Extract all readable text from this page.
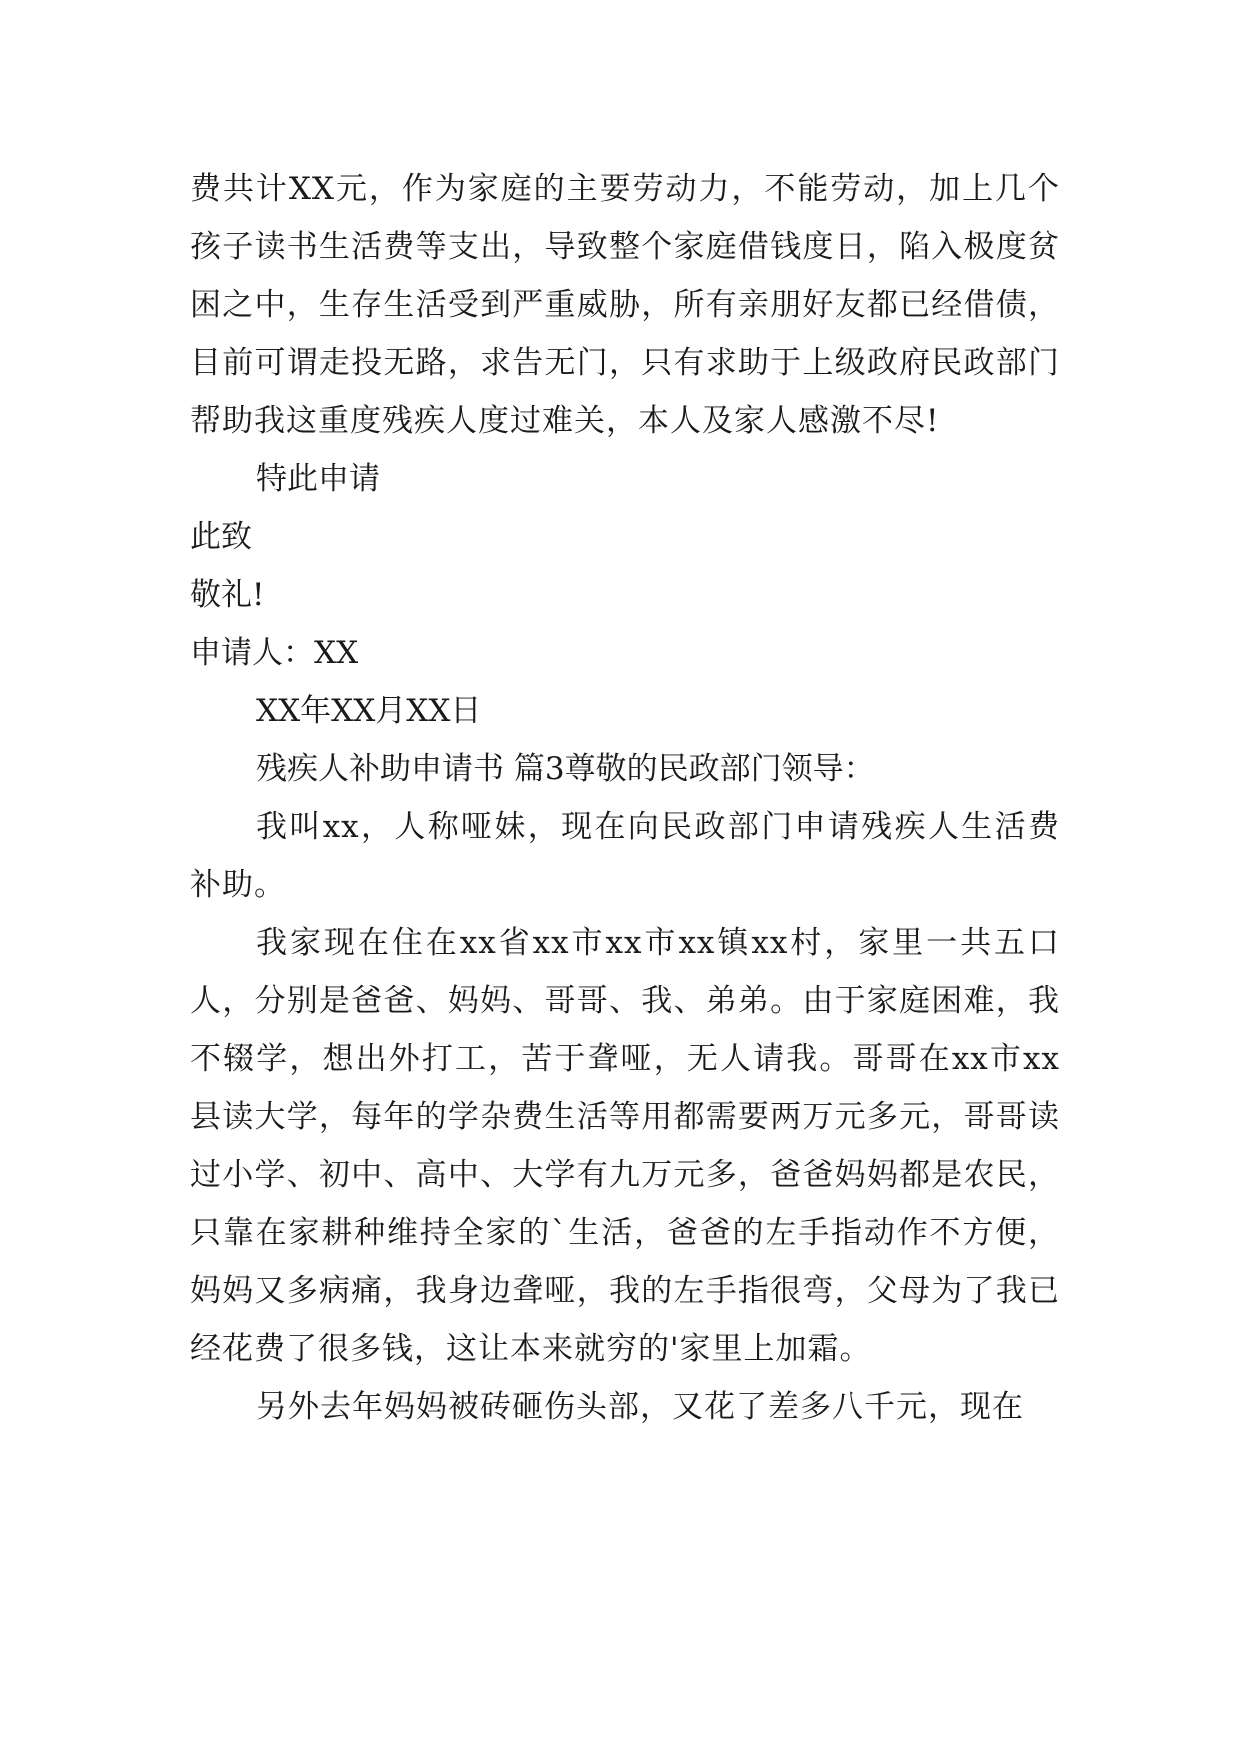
费共计XX元，作为家庭的主要劳动力，不能劳动，加上几个孩子读书生活费等支出，导致整个家庭借钱度日，陷入极度贫困之中，生存生活受到严重威胁，所有亲朋好友都已经借债，目前可谓走投无路，求告无门，只有求助于上级政府民政部门帮助我这重度残疾人度过难关，本人及家人感激不尽!

特此申请

此致

敬礼!

申请人：XX

XX年XX月XX日

残疾人补助申请书 篇3尊敬的民政部门领导：

我叫xx，人称哑妹，现在向民政部门申请残疾人生活费补助。

我家现在住在xx省xx市xx市xx镇xx村，家里一共五口人，分别是爸爸、妈妈、哥哥、我、弟弟。由于家庭困难，我不辍学，想出外打工，苦于聋哑，无人请我。哥哥在xx市xx县读大学，每年的学杂费生活等用都需要两万元多元，哥哥读过小学、初中、高中、大学有九万元多，爸爸妈妈都是农民，只靠在家耕种维持全家的`生活，爸爸的左手指动作不方便，妈妈又多病痛，我身边聋哑，我的左手指很弯，父母为了我已经花费了很多钱，这让本来就穷的'家里上加霜。

另外去年妈妈被砖砸伤头部，又花了差多八千元，现在
